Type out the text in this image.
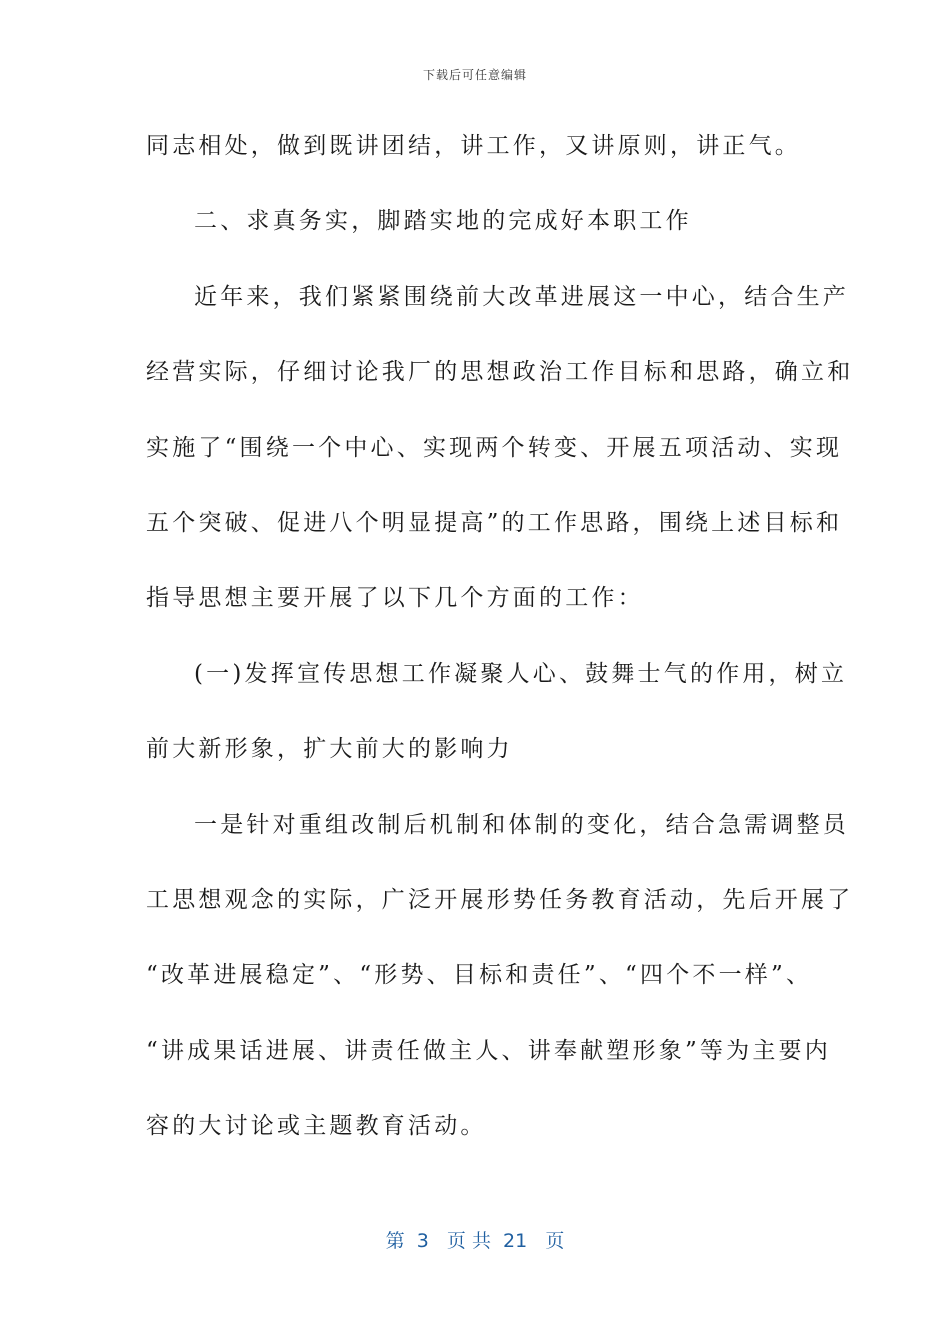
下载后可任意编辑
同志相处，做到既讲团结，讲工作，又讲原则，讲正气。
二、求真务实，脚踏实地的完成好本职工作
近年来，我们紧紧围绕前大改革进展这一中心，结合生产
经营实际，仔细讨论我厂的思想政治工作目标和思路，确立和
实施了“围绕一个中心、实现两个转变、开展五项活动、实现
五个突破、促进八个明显提高”的工作思路，围绕上述目标和
指导思想主要开展了以下几个方面的工作：
(一)发挥宣传思想工作凝聚人心、鼓舞士气的作用，树立
前大新形象，扩大前大的影响力
一是针对重组改制后机制和体制的变化，结合急需调整员
工思想观念的实际，广泛开展形势任务教育活动，先后开展了
“改革进展稳定”、“形势、目标和责任”、“四个不一样”、
“讲成果话进展、讲责任做主人、讲奉献塑形象”等为主要内
容的大讨论或主题教育活动。
第  3   页 共  21   页
